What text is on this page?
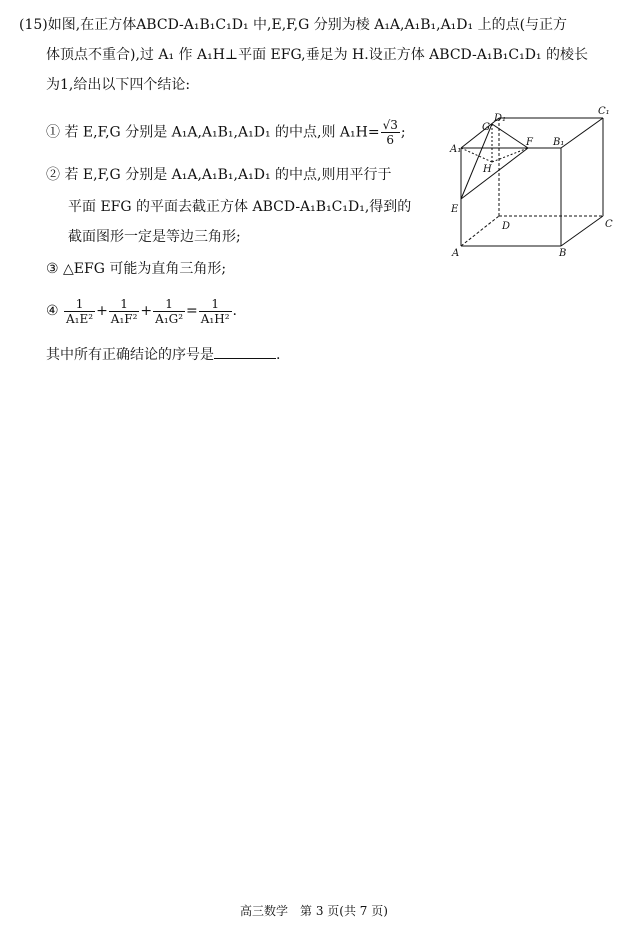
(15)如图,在正方体ABCD-A₁B₁C₁D₁ 中,E,F,G 分别为棱 A₁A,A₁B₁,A₁D₁ 上的点(与正方
体顶点不重合),过 A₁ 作 A₁H⊥平面 EFG,垂足为 H.设正方体 ABCD-A₁B₁C₁D₁ 的棱长
为1,给出以下四个结论:
① 若 E,F,G 分别是 A₁A,A₁B₁,A₁D₁ 的中点,则 $A_1H= \frac{√3}{6}$ ;
② 若 E,F,G 分别是 A₁A,A₁B₁,A₁D₁ 的中点,则用平行于
平面 EFG 的平面去截正方体 ABCD-A₁B₁C₁D₁,得到的
截面图形一定是等边三角形;
③ △EFG 可能为直角三角形;
④ $\frac{1}{\text{A₁E²}} + \frac{1}{\text{A₁F²}} + \frac{1}{\text{A₁G²}} = \frac{1}{\text{A₁H²}}$ .
其中所有正确结论的序号是	.
D₁
C₁
A₁
B₁
G
F
H
E
D	C
A	B
高三数学　第 3 页(共 7 页)
